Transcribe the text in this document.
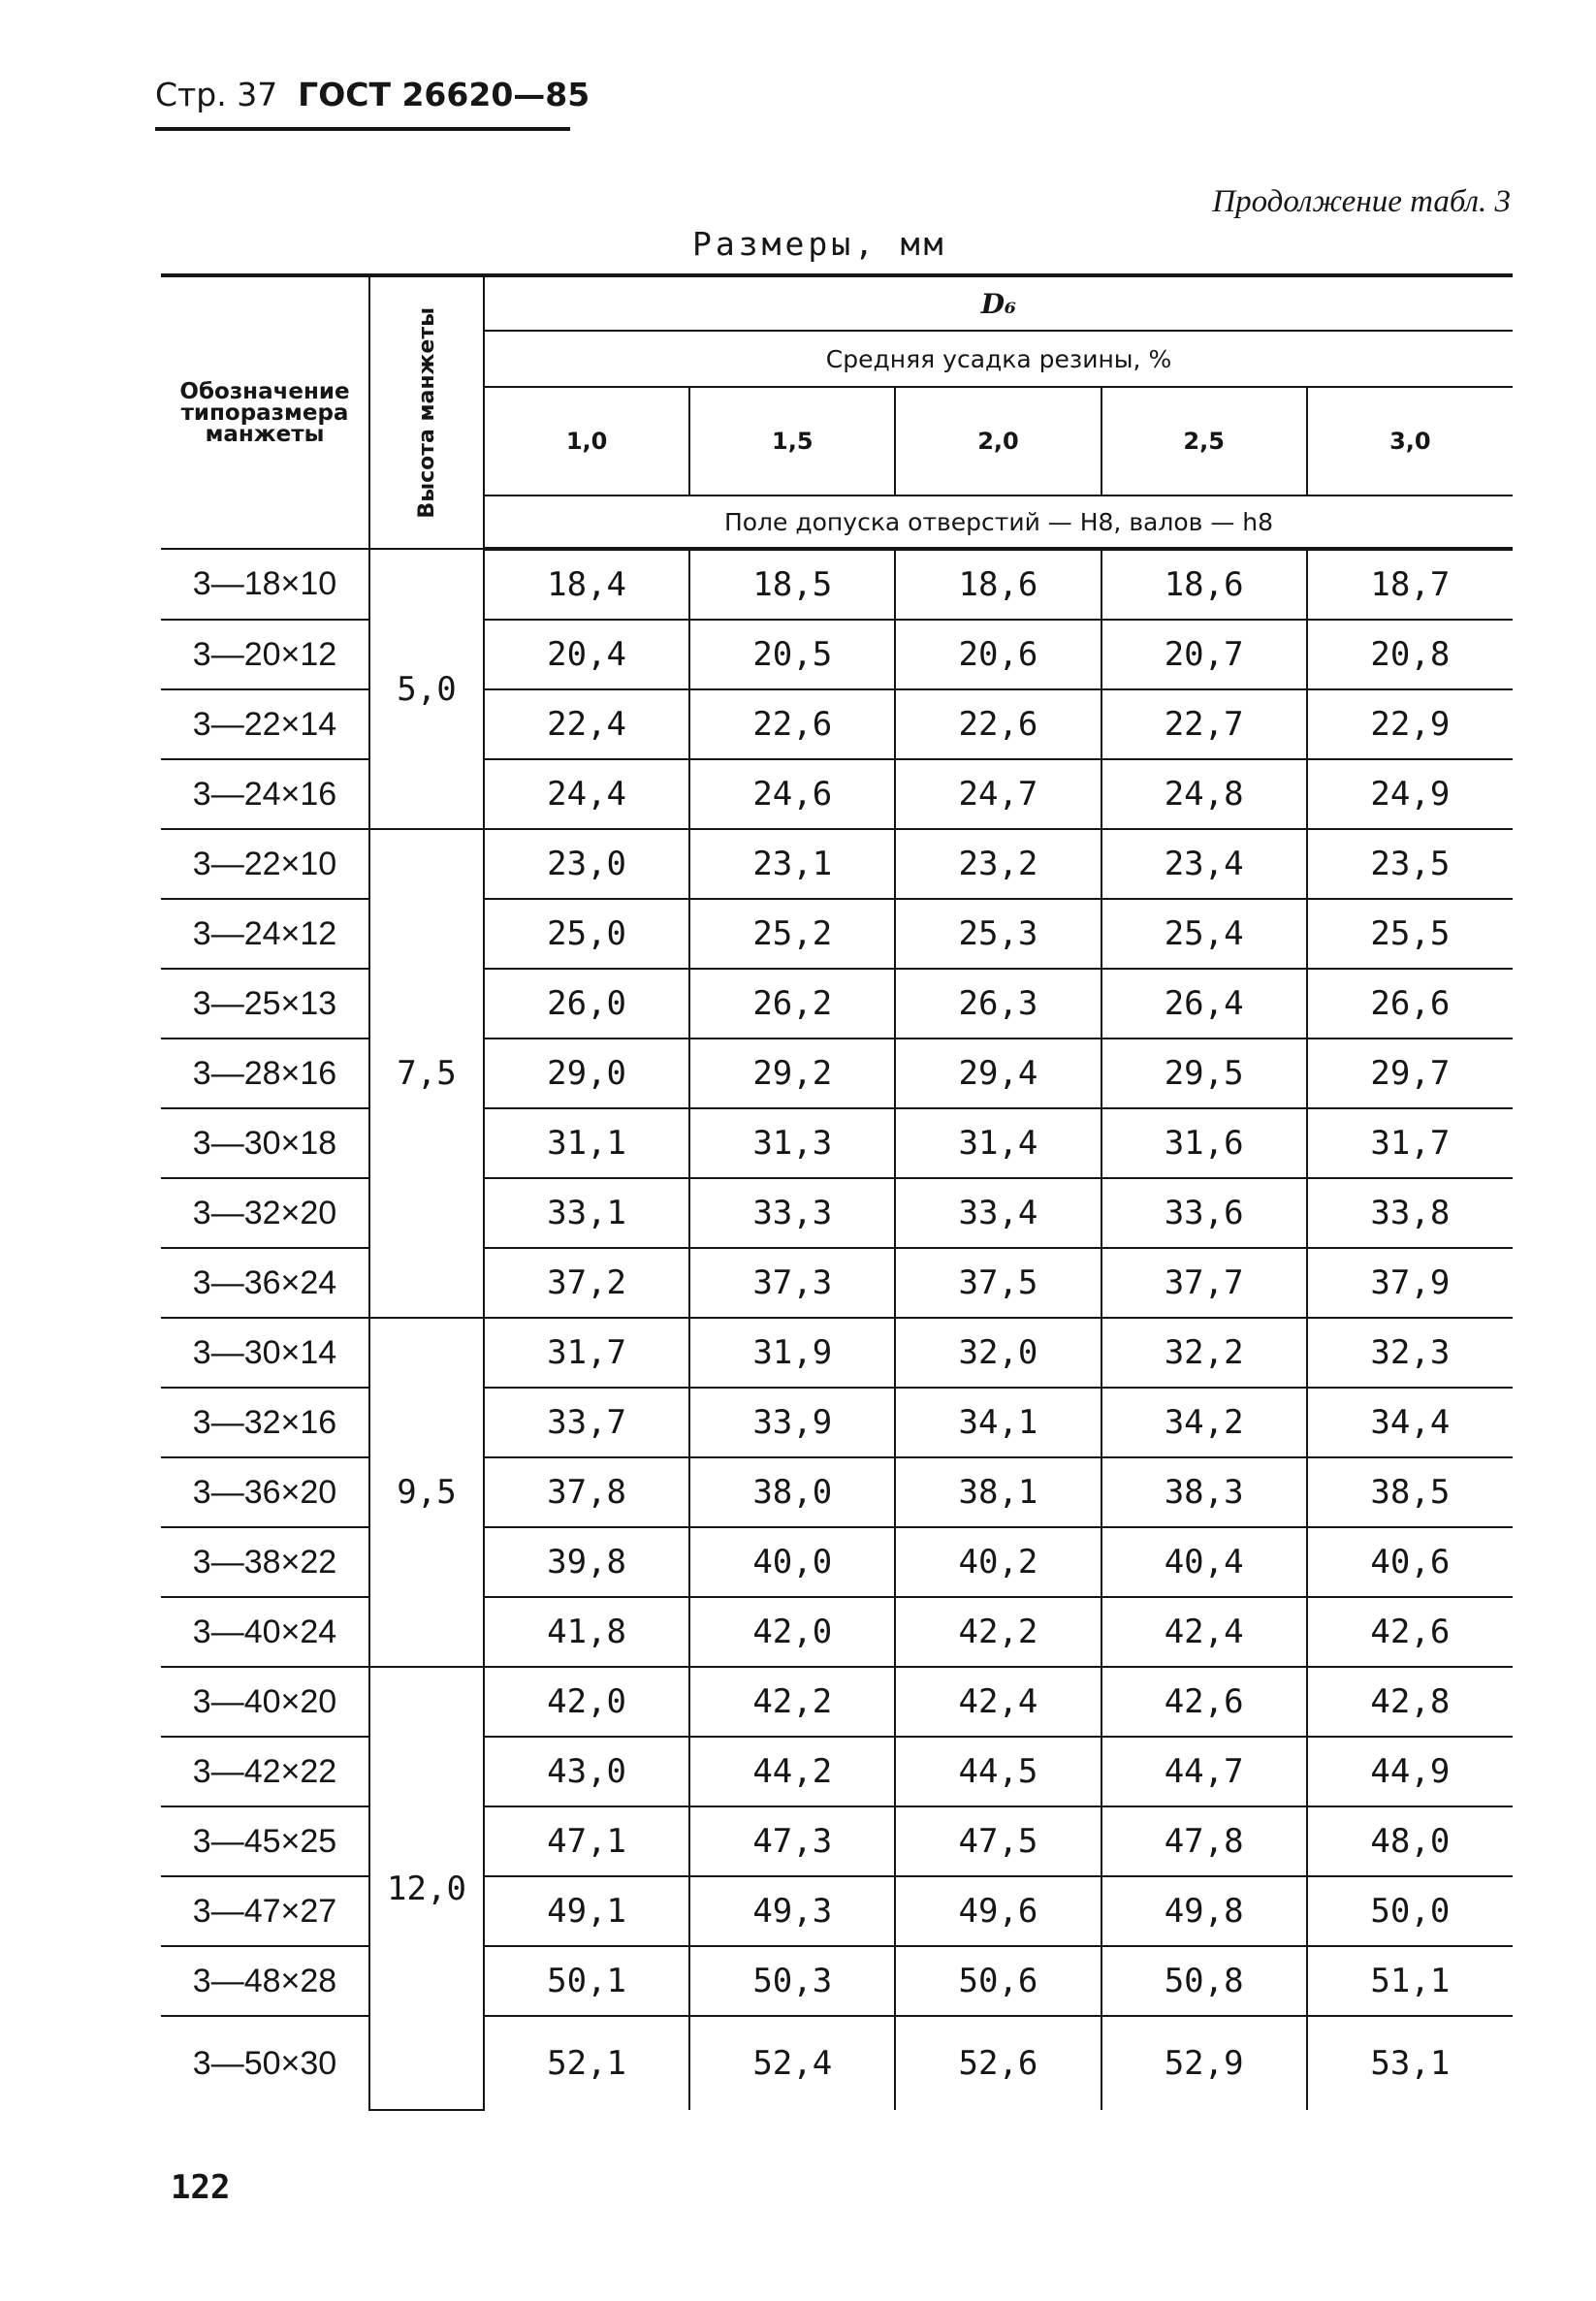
Стр. 37 ГОСТ 26620—85
Продолжение табл. 3
Размеры, мм
Обозначение типоразмера манжеты	Высота манжеты	D₆				
		Средняя усадка резины, %				
		1,0	1,5	2,0	2,5	3,0
		Поле допуска отверстий — H8, валов — h8				
3—18×10	5,0	18,4	18,5	18,6	18,6	18,7
3—20×12		20,4	20,5	20,6	20,7	20,8
3—22×14		22,4	22,6	22,6	22,7	22,9
3—24×16		24,4	24,6	24,7	24,8	24,9
3—22×10	7,5	23,0	23,1	23,2	23,4	23,5
3—24×12		25,0	25,2	25,3	25,4	25,5
3—25×13		26,0	26,2	26,3	26,4	26,6
3—28×16		29,0	29,2	29,4	29,5	29,7
3—30×18		31,1	31,3	31,4	31,6	31,7
3—32×20		33,1	33,3	33,4	33,6	33,8
3—36×24		37,2	37,3	37,5	37,7	37,9
3—30×14	9,5	31,7	31,9	32,0	32,2	32,3
3—32×16		33,7	33,9	34,1	34,2	34,4
3—36×20		37,8	38,0	38,1	38,3	38,5
3—38×22		39,8	40,0	40,2	40,4	40,6
3—40×24		41,8	42,0	42,2	42,4	42,6
3—40×20	12,0	42,0	42,2	42,4	42,6	42,8
3—42×22		43,0	44,2	44,5	44,7	44,9
3—45×25		47,1	47,3	47,5	47,8	48,0
3—47×27		49,1	49,3	49,6	49,8	50,0
3—48×28		50,1	50,3	50,6	50,8	51,1
3—50×30		52,1	52,4	52,6	52,9	53,1
122
